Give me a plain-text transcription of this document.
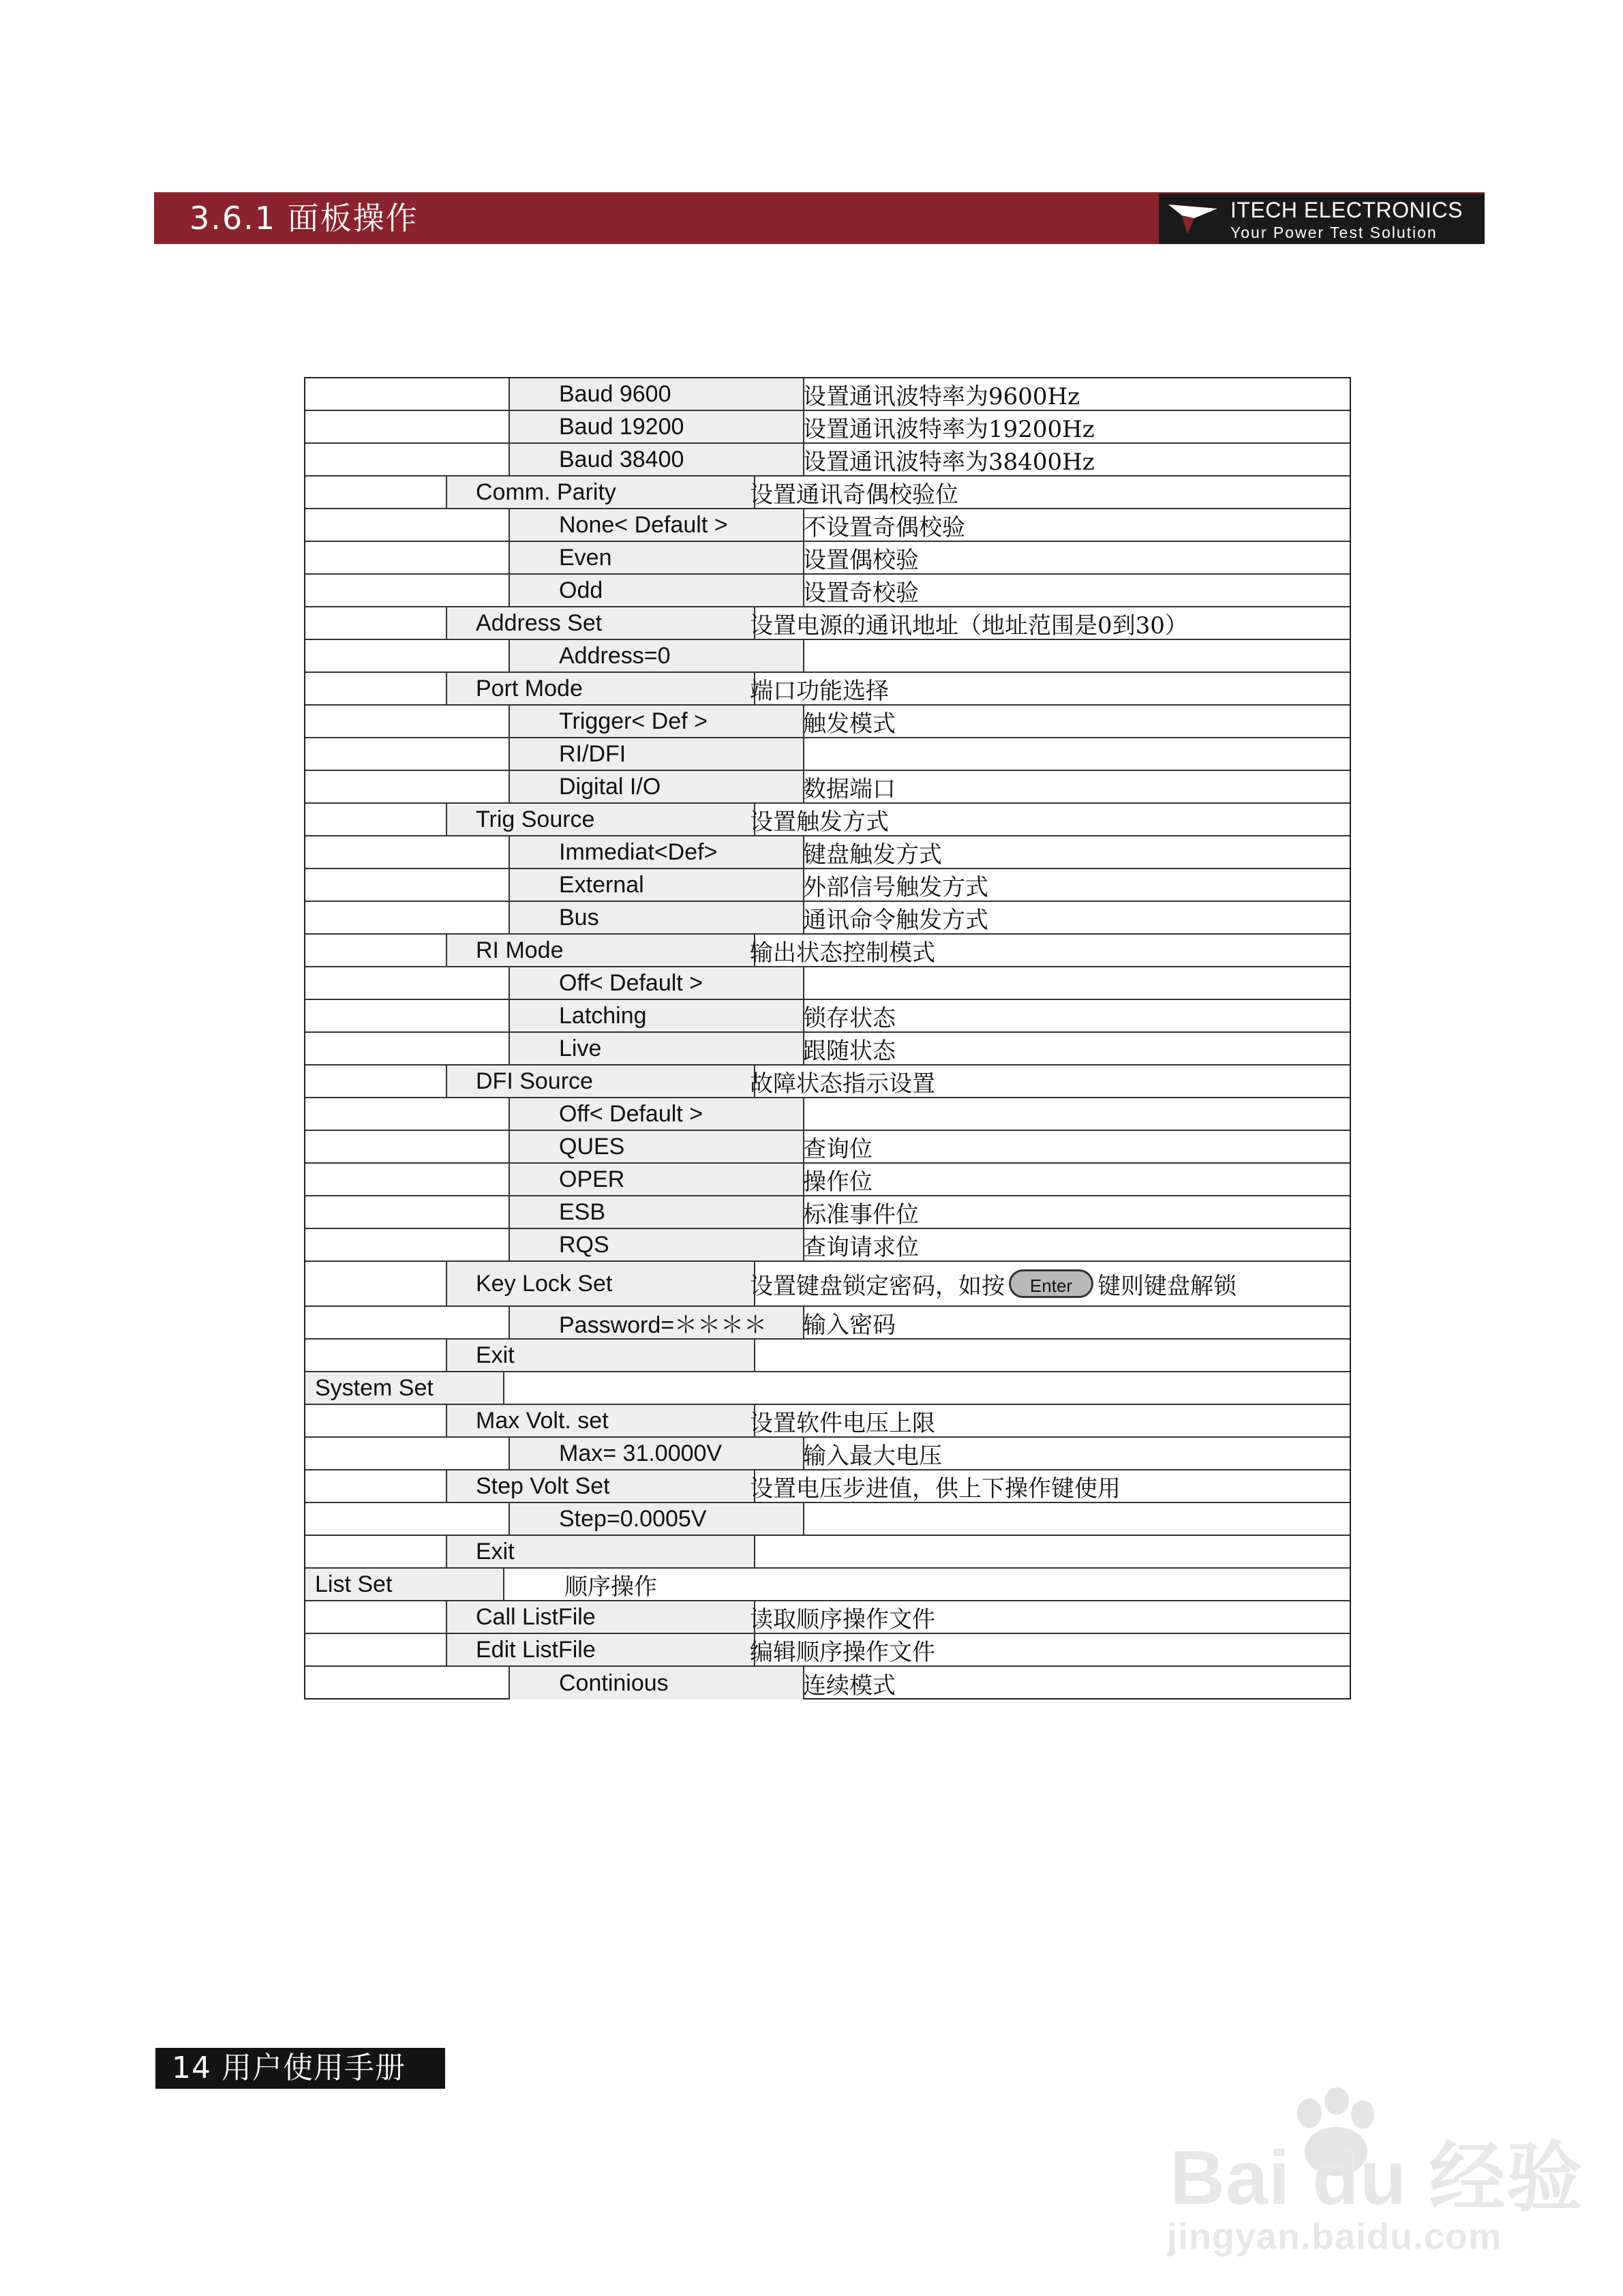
3.6.1 面板操作	ITECH ELECTRONICS
Your Power Test Solution
Baud 9600	设置通讯波特率为9600Hz
Baud 19200	设置通讯波特率为19200Hz
Baud 38400	设置通讯波特率为38400Hz
Comm. Parity	设置通讯奇偶校验位
None< Default >	不设置奇偶校验
Even	设置偶校验
Odd	设置奇校验
Address Set	设置电源的通讯地址（地址范围是0到30）
Address=0
Port Mode	端口功能选择
Trigger< Def >	触发模式
RI/DFI
Digital I/O	数据端口
Trig Source	设置触发方式
Immediat<Def>	键盘触发方式
External	外部信号触发方式
Bus	通讯命令触发方式
RI Mode	输出状态控制模式
Off< Default >
Latching	锁存状态
Live	跟随状态
DFI Source	故障状态指示设置
Off< Default >
QUES	查询位
OPER	操作位
ESB	标准事件位
RQS	查询请求位
Key Lock Set	设置键盘锁定密码，如按	Enter	键则键盘解锁
Password=＊＊＊＊	输入密码
Exit
System Set
Max Volt. set	设置软件电压上限
Max= 31.0000V	输入最大电压
Step Volt Set	设置电压步进值，供上下操作键使用
Step=0.0005V
Exit
List Set	顺序操作
Call ListFile	读取顺序操作文件
Edit ListFile	编辑顺序操作文件
Continious	连续模式
14 用户使用手册
Bai du 经验
jingyan.baidu.com
